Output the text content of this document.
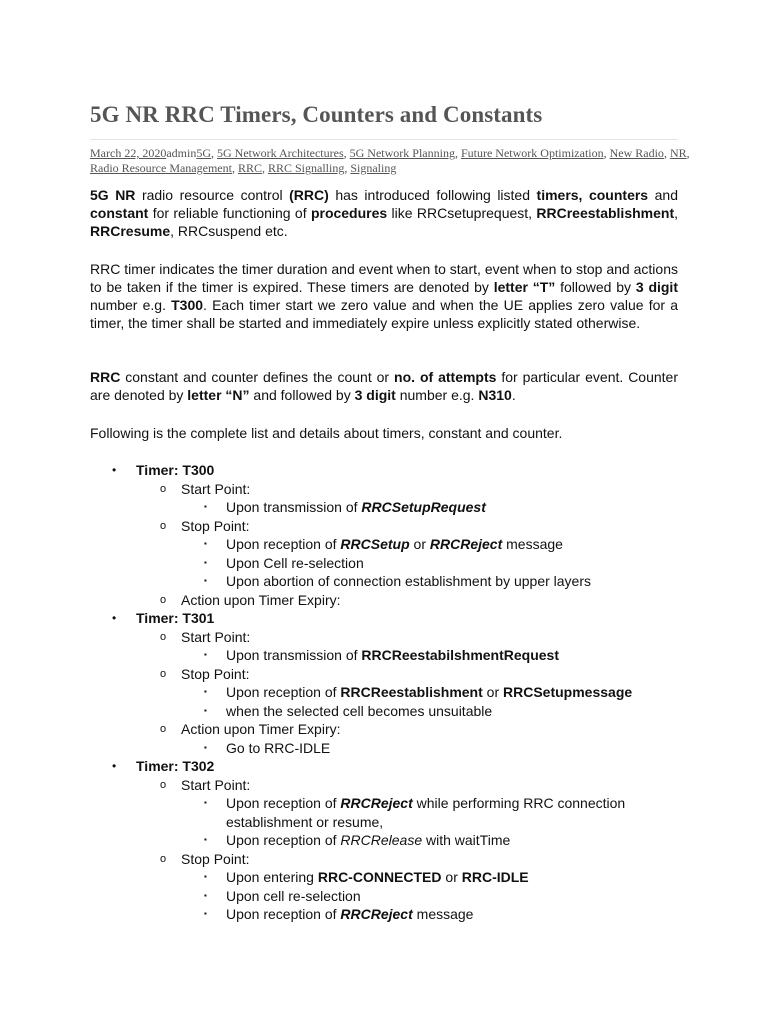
5G NR RRC Timers, Counters and Constants
March 22, 2020admin5G, 5G Network Architectures, 5G Network Planning, Future Network Optimization, New Radio, NR, Radio Resource Management, RRC, RRC Signalling, Signaling

5G NR radio resource control (RRC) has introduced following listed timers, counters and constant for reliable functioning of procedures like RRCsetuprequest, RRCreestablishment, RRCresume, RRCsuspend etc.

RRC timer indicates the timer duration and event when to start, event when to stop and actions to be taken if the timer is expired. These timers are denoted by letter “T” followed by 3 digit number e.g. T300. Each timer start we zero value and when the UE applies zero value for a timer, the timer shall be started and immediately expire unless explicitly stated otherwise.

RRC constant and counter defines the count or no. of attempts for particular event. Counter are denoted by letter “N” and followed by 3 digit number e.g. N310.

Following is the complete list and details about timers, constant and counter.

• Timer: T300
o Start Point:
▪ Upon transmission of RRCSetupRequest
o Stop Point:
▪ Upon reception of RRCSetup or RRCReject message
▪ Upon Cell re-selection
▪ Upon abortion of connection establishment by upper layers
o Action upon Timer Expiry:
• Timer: T301
o Start Point:
▪ Upon transmission of RRCReestabilshmentRequest
o Stop Point:
▪ Upon reception of RRCReestablishment or RRCSetupmessage
▪ when the selected cell becomes unsuitable
o Action upon Timer Expiry:
▪ Go to RRC-IDLE
• Timer: T302
o Start Point:
▪ Upon reception of RRCReject while performing RRC connection
establishment or resume,
▪ Upon reception of RRCRelease with waitTime
o Stop Point:
▪ Upon entering RRC-CONNECTED or RRC-IDLE
▪ Upon cell re-selection
▪ Upon reception of RRCReject message
